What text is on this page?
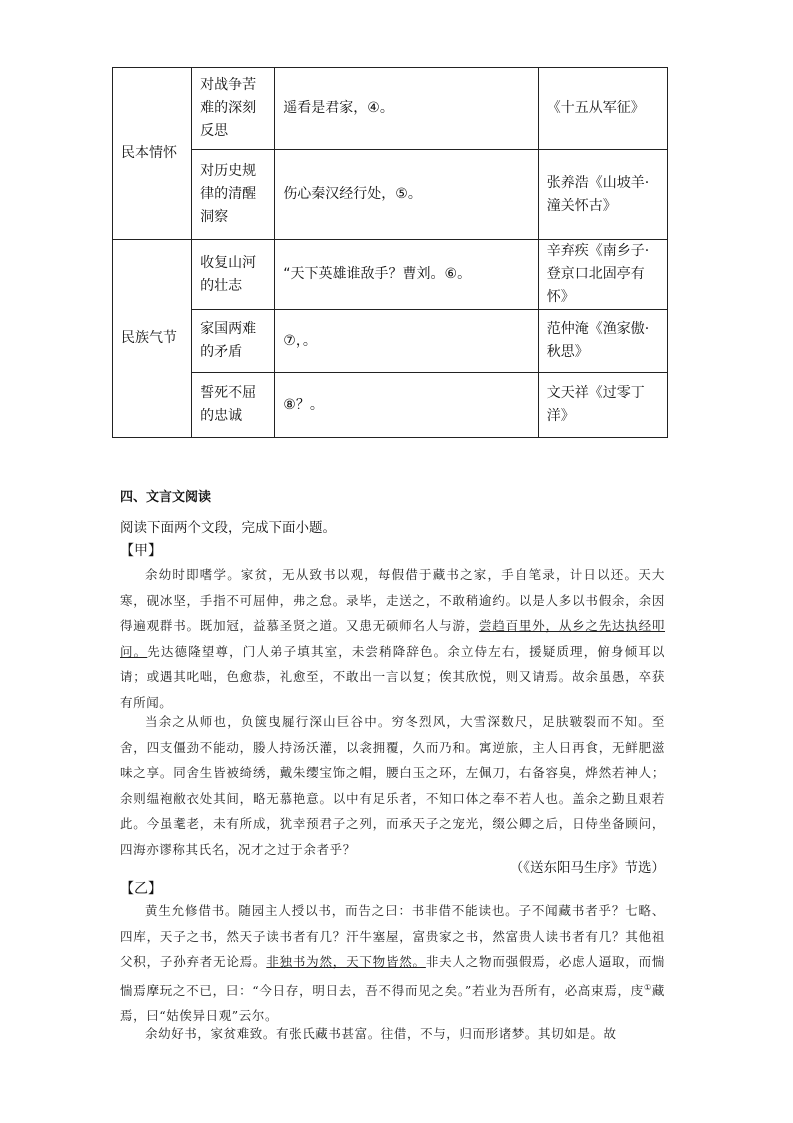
民本情怀	对战争苦难的深刻反思	遥看是君家，④。	《十五从军征》
	对历史规律的清醒洞察	伤心秦汉经行处，⑤。	张养浩《山坡羊·潼关怀古》
民族气节	收复山河的壮志	“天下英雄谁敌手？曹刘。⑥。	辛弃疾《南乡子·登京口北固亭有怀》
	家国两难的矛盾	⑦，。	范仲淹《渔家傲·秋思》
	誓死不屈的忠诚	⑧？。	文天祥《过零丁洋》
四、文言文阅读
阅读下面两个文段，完成下面小题。
【甲】
余幼时即嗜学。家贫，无从致书以观，每假借于藏书之家，手自笔录，计日以还。天大寒，砚冰坚，手指不可屈伸，弗之怠。录毕，走送之，不敢稍逾约。以是人多以书假余，余因得遍观群书。既加冠，益慕圣贤之道。又患无硕师名人与游，尝趋百里外，从乡之先达执经叩问。先达德隆望尊，门人弟子填其室，未尝稍降辞色。余立侍左右，援疑质理，俯身倾耳以请；或遇其叱咄，色愈恭，礼愈至，不敢出一言以复；俟其欣悦，则又请焉。故余虽愚，卒获有所闻。
当余之从师也，负箧曳屣行深山巨谷中。穷冬烈风，大雪深数尺，足肤皲裂而不知。至舍，四支僵劲不能动，媵人持汤沃灌，以衾拥覆，久而乃和。寓逆旅，主人日再食，无鲜肥滋味之享。同舍生皆被绮绣，戴朱缨宝饰之帽，腰白玉之环，左佩刀，右备容臭，烨然若神人；余则缊袍敝衣处其间，略无慕艳意。以中有足乐者，不知口体之奉不若人也。盖余之勤且艰若此。今虽耄老，未有所成，犹幸预君子之列，而承天子之宠光，缀公卿之后，日侍坐备顾问，四海亦谬称其氏名，况才之过于余者乎？
（《送东阳马生序》节选）
【乙】
黄生允修借书。随园主人授以书，而告之曰：书非借不能读也。子不闻藏书者乎？七略、四库，天子之书，然天子读书者有几？汗牛塞屋，富贵家之书，然富贵人读书者有几？其他祖父积，子孙弃者无论焉。非独书为然，天下物皆然。非夫人之物而强假焉，必虑人逼取，而惴惴焉摩玩之不已，曰：“今日存，明日去，吾不得而见之矣。”若业为吾所有，必高束焉，庋①藏焉，曰“姑俟异日观”云尔。
余幼好书，家贫难致。有张氏藏书甚富。往借，不与，归而形诸梦。其切如是。故
